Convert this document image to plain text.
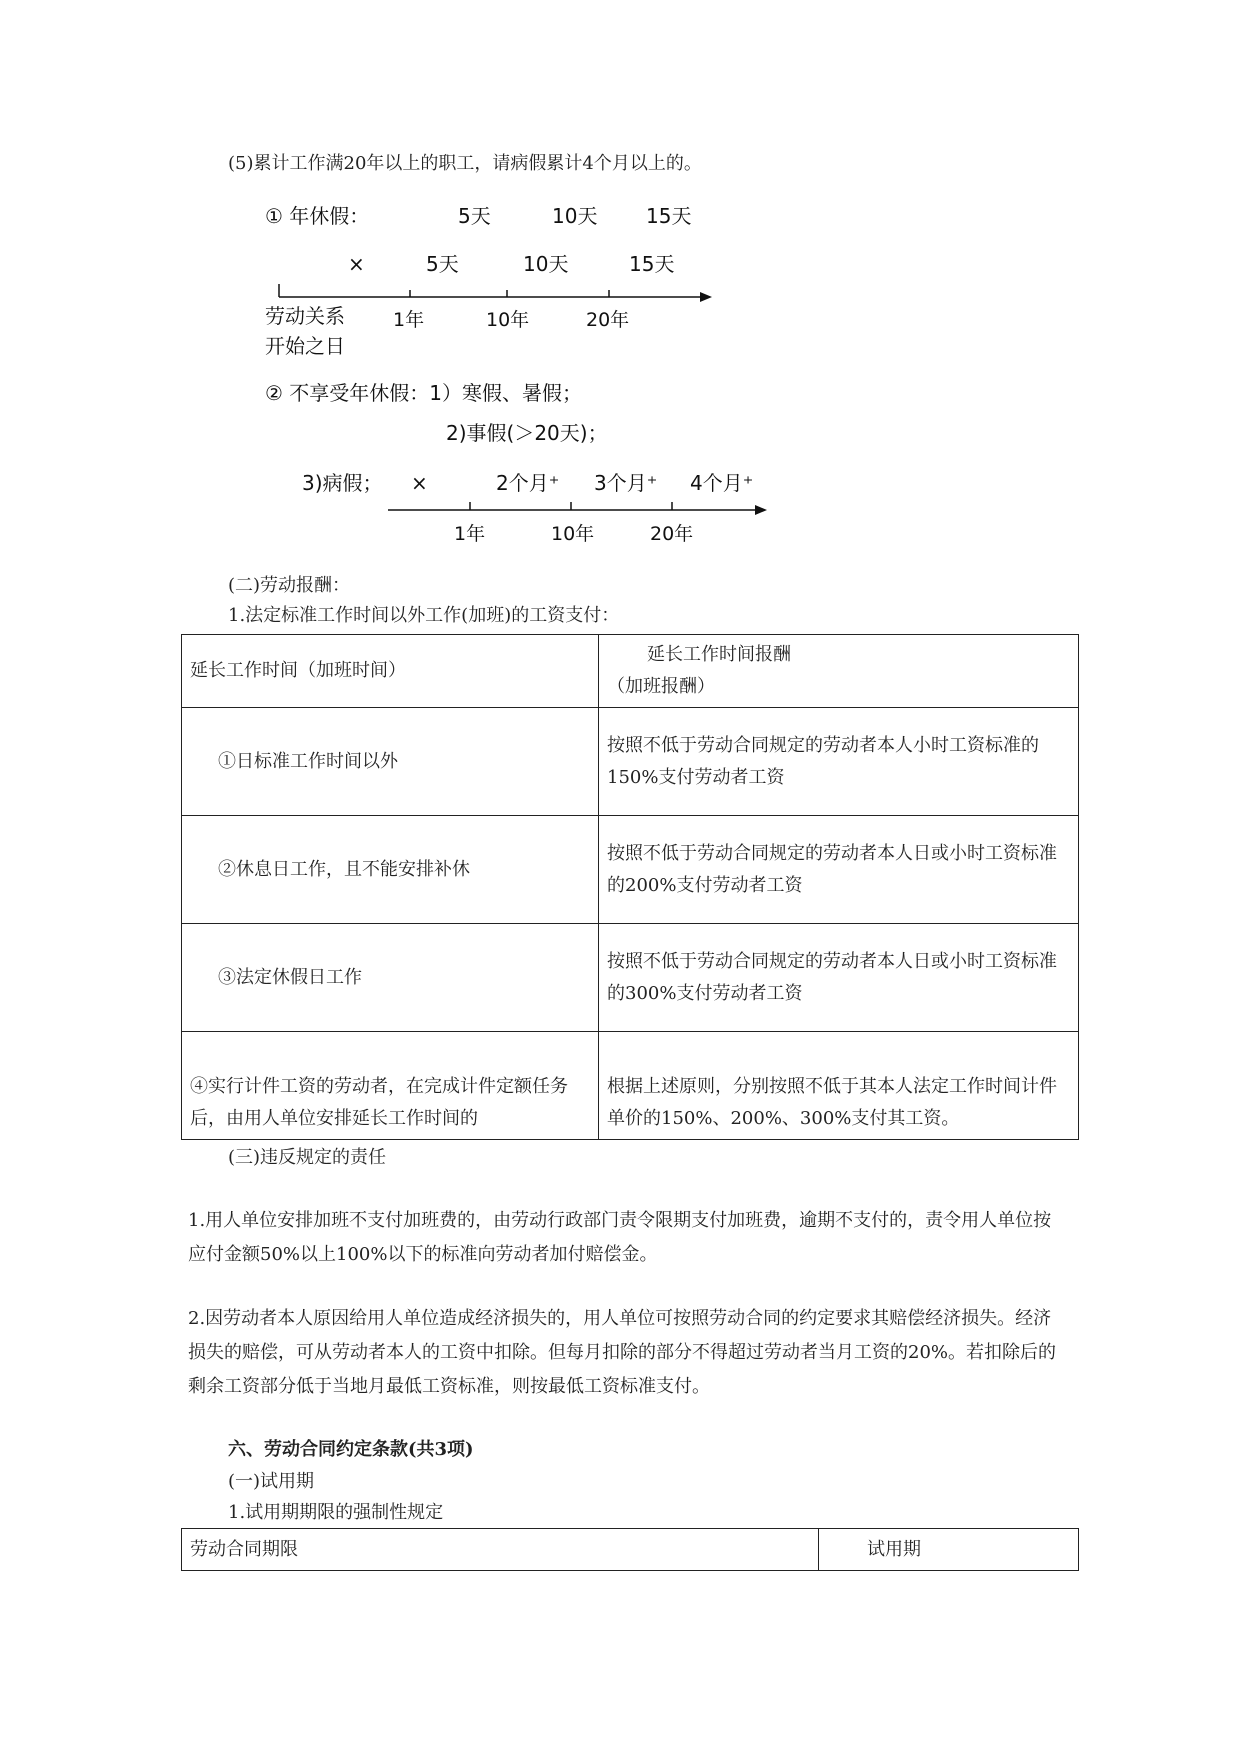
(5)累计工作满20年以上的职工，请病假累计4个月以上的。
① 年休假：	5天	10天 15天
×	5天	10天	15天
1年	10年	20年
劳动关系
开始之日
② 不享受年休假：1）寒假、暑假；
2)事假(＞20天)；
3)病假； ×	2个月⁺ 3个月⁺ 4个月⁺
1年	10年	20年
(二)劳动报酬：
1.法定标准工作时间以外工作(加班)的工资支付：
延长工作时间（加班时间）	延长工作时间报酬
（加班报酬）

①日标准工作时间以外	按照不低于劳动合同规定的劳动者本人小时工资标准的150%支付劳动者工资
②休息日工作，且不能安排补休	按照不低于劳动合同规定的劳动者本人日或小时工资标准的200%支付劳动者工资
③法定休假日工作	按照不低于劳动合同规定的劳动者本人日或小时工资标准的300%支付劳动者工资
④实行计件工资的劳动者，在完成计件定额任务后，由用人单位安排延长工作时间的	根据上述原则，分别按照不低于其本人法定工作时间计件单价的150%、200%、300%支付其工资。
(三)违反规定的责任
1.用人单位安排加班不支付加班费的，由劳动行政部门责令限期支付加班费，逾期不支付的，责令用人单位按应付金额50%以上100%以下的标准向劳动者加付赔偿金。
2.因劳动者本人原因给用人单位造成经济损失的，用人单位可按照劳动合同的约定要求其赔偿经济损失。经济损失的赔偿，可从劳动者本人的工资中扣除。但每月扣除的部分不得超过劳动者当月工资的20%。若扣除后的剩余工资部分低于当地月最低工资标准，则按最低工资标准支付。
六、劳动合同约定条款(共3项)
(一)试用期
1.试用期期限的强制性规定
劳动合同期限	试用期
